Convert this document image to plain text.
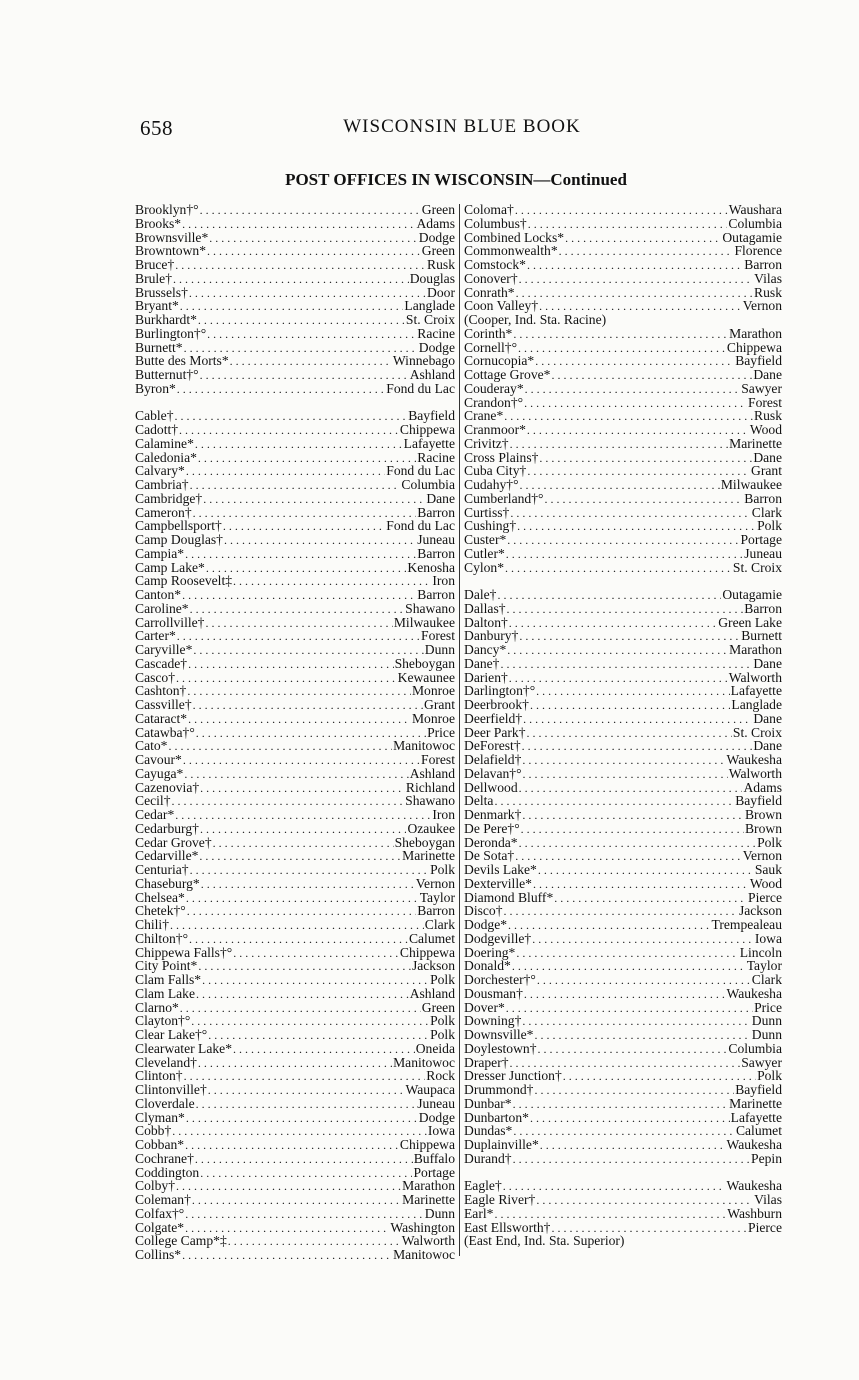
658	WISCONSIN BLUE BOOK
POST OFFICES IN WISCONSIN—Continued
Brooklyn†° . . .	Green
Brooks* . . .	Adams
Brownsville* . . .	Dodge
Browntown* . . .	Green
Bruce† . . .	Rusk
Brule† . . .	Douglas
Brussels† . . .	Door
Bryant* . . .	Langlade
Burkhardt* . . .	St. Croix
Burlington†° . . .	Racine
Burnett* . . .	Dodge
Butte des Morts* . . .	Winnebago
Butternut†° . . .	Ashland
Byron* . . .	Fond du Lac
Cable† . . .	Bayfield
Cadott† . . .	Chippewa
Calamine* . . .	Lafayette
Caledonia* . . .	Racine
Calvary* . . .	Fond du Lac
Cambria† . . .	Columbia
Cambridge† . . .	Dane
Cameron† . . .	Barron
Campbellsport† . . .	Fond du Lac
Camp Douglas† . . .	Juneau
Campia* . . .	Barron
Camp Lake* . . .	Kenosha
Camp Roosevelt‡ . . .	Iron
Canton* . . .	Barron
Caroline* . . .	Shawano
Carrollville† . . .	Milwaukee
Carter* . . .	Forest
Caryville* . . .	Dunn
Cascade† . . .	Sheboygan
Casco† . . .	Kewaunee
Cashton† . . .	Monroe
Cassville† . . .	Grant
Cataract* . . .	Monroe
Catawba†° . . .	Price
Cato* . . .	Manitowoc
Cavour* . . .	Forest
Cayuga* . . .	Ashland
Cazenovia† . . .	Richland
Cecil† . . .	Shawano
Cedar* . . .	Iron
Cedarburg† . . .	Ozaukee
Cedar Grove† . . .	Sheboygan
Cedarville* . . .	Marinette
Centuria† . . .	Polk
Chaseburg* . . .	Vernon
Chelsea* . . .	Taylor
Chetek†° . . .	Barron
Chili† . . .	Clark
Chilton†° . . .	Calumet
Chippewa Falls†° . . .	Chippewa
City Point* . . .	Jackson
Clam Falls* . . .	Polk
Clam Lake . . .	Ashland
Clarno* . . .	Green
Clayton†° . . .	Polk
Clear Lake†° . . .	Polk
Clearwater Lake* . . .	Oneida
Cleveland† . . .	Manitowoc
Clinton† . . .	Rock
Clintonville† . . .	Waupaca
Cloverdale . . .	Juneau
Clyman* . . .	Dodge
Cobb† . . .	Iowa
Cobban* . . .	Chippewa
Cochrane† . . .	Buffalo
Coddington . . .	Portage
Colby† . . .	Marathon
Coleman† . . .	Marinette
Colfax†° . . .	Dunn
Colgate* . . .	Washington
College Camp*‡ . . .	Walworth
Collins* . . .	Manitowoc
Coloma† . . .	Waushara
Columbus† . . .	Columbia
Combined Locks* . . .	Outagamie
Commonwealth* . . .	Florence
Comstock* . . .	Barron
Conover† . . .	Vilas
Conrath* . . .	Rusk
Coon Valley† . . .	Vernon
(Cooper, Ind. Sta. Racine)
Corinth* . . .	Marathon
Cornell†° . . .	Chippewa
Cornucopia* . . .	Bayfield
Cottage Grove* . . .	Dane
Couderay* . . .	Sawyer
Crandon†° . . .	Forest
Crane* . . .	Rusk
Cranmoor* . . .	Wood
Crivitz† . . .	Marinette
Cross Plains† . . .	Dane
Cuba City† . . .	Grant
Cudahy†° . . .	Milwaukee
Cumberland†° . . .	Barron
Curtiss† . . .	Clark
Cushing† . . .	Polk
Custer* . . .	Portage
Cutler* . . .	Juneau
Cylon* . . .	St. Croix
Dale† . . .	Outagamie
Dallas† . . .	Barron
Dalton† . . .	Green Lake
Danbury† . . .	Burnett
Dancy* . . .	Marathon
Dane† . . .	Dane
Darien† . . .	Walworth
Darlington†° . . .	Lafayette
Deerbrook† . . .	Langlade
Deerfield† . . .	Dane
Deer Park† . . .	St. Croix
DeForest† . . .	Dane
Delafield† . . .	Waukesha
Delavan†° . . .	Walworth
Dellwood . . .	Adams
Delta . . .	Bayfield
Denmark† . . .	Brown
De Pere†° . . .	Brown
Deronda* . . .	Polk
De Sota† . . .	Vernon
Devils Lake* . . .	Sauk
Dexterville* . . .	Wood
Diamond Bluff* . . .	Pierce
Disco† . . .	Jackson
Dodge* . . .	Trempealeau
Dodgeville† . . .	Iowa
Doering* . . .	Lincoln
Donald* . . .	Taylor
Dorchester†° . . .	Clark
Dousman† . . .	Waukesha
Dover* . . .	Price
Downing† . . .	Dunn
Downsville* . . .	Dunn
Doylestown† . . .	Columbia
Draper† . . .	Sawyer
Dresser Junction† . . .	Polk
Drummond† . . .	Bayfield
Dunbar* . . .	Marinette
Dunbarton* . . .	Lafayette
Dundas* . . .	Calumet
Duplainville* . . .	Waukesha
Durand† . . .	Pepin
Eagle† . . .	Waukesha
Eagle River† . . .	Vilas
Earl* . . .	Washburn
East Ellsworth† . . .	Pierce
(East End, Ind. Sta. Superior)
